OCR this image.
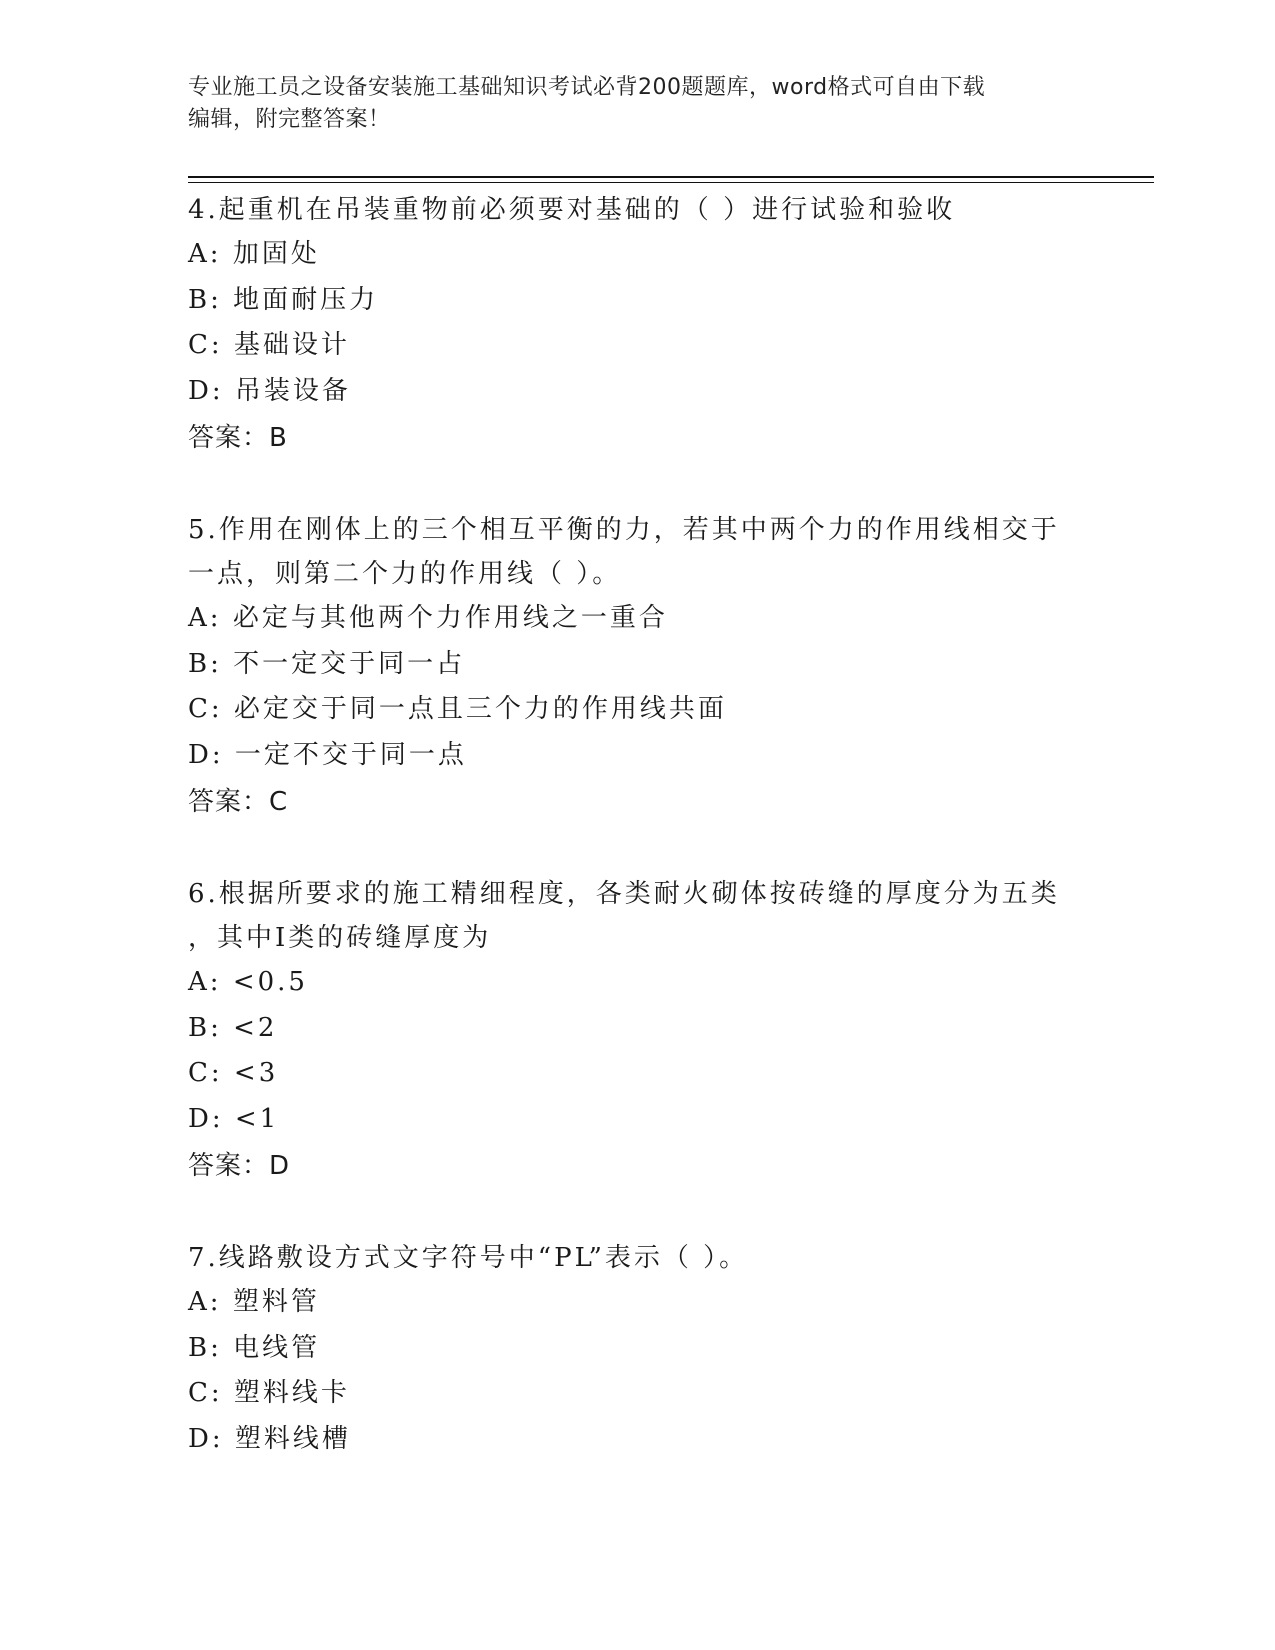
专业施工员之设备安装施工基础知识考试必背200题题库，word格式可自由下载
编辑，附完整答案！
4.起重机在吊装重物前必须要对基础的（ ）进行试验和验收
A: 加固处
B: 地面耐压力
C: 基础设计
D: 吊装设备
答案：B
5.作用在刚体上的三个相互平衡的力，若其中两个力的作用线相交于
一点，则第二个力的作用线（ ）。
A: 必定与其他两个力作用线之一重合
B: 不一定交于同一占
C: 必定交于同一点且三个力的作用线共面
D: 一定不交于同一点
答案：C
6.根据所要求的施工精细程度，各类耐火砌体按砖缝的厚度分为五类
，其中Ⅰ类的砖缝厚度为
A: <0.5
B: <2
C: <3
D: <1
答案：D
7.线路敷设方式文字符号中“PL”表示（ ）。
A: 塑料管
B: 电线管
C: 塑料线卡
D: 塑料线槽
